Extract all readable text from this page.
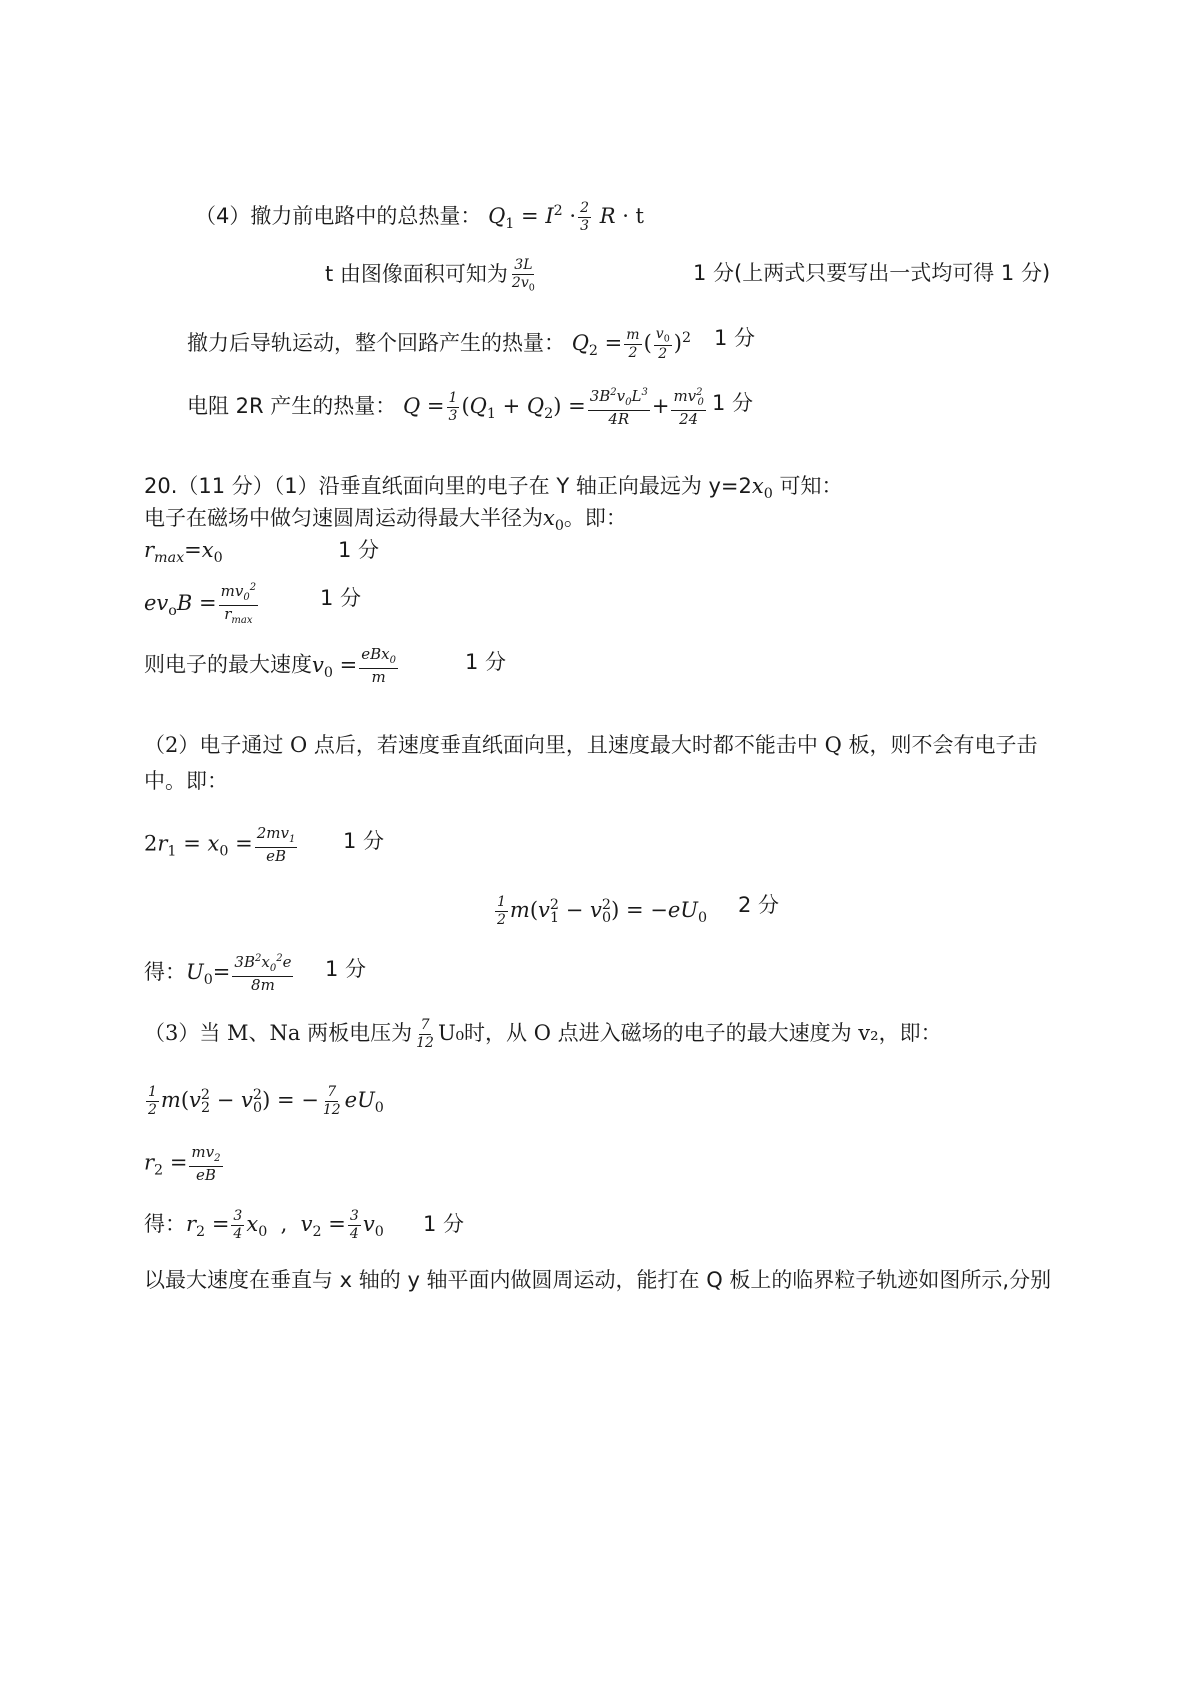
（4）撤力前电路中的总热量： $Q_1 = I^2 \cdot \frac{2}{3}$ R · t
t 由图像面积可知为 $\frac{3L}{2v_0}$	1 分(上两式只要写出一式均可得 1 分)
撤力后导轨运动，整个回路产生的热量： $Q_2 = \frac{m}{2}$ ( $\frac{v_0}{2} )^2$ 1 分
电阻 2R 产生的热量： $Q = \frac{1}{3} (Q_1 + Q_2) = \frac{3B^2v_0L^3}{4R} + \frac{mv^2_0}{24} 1$ 分
20.（11 分）（1）沿垂直纸面向里的电子在 Y 轴正向最远为 $y=2x_0$ 可知：
电子在磁场中做匀速圆周运动得最大半径为$x_0$。即：
$r_{max}=x_0$	1 分
$ev_oB = \frac{mv_0^2}{r_{max}}$	1 分
则电子的最大速度$v_0 = \frac{eBx_0}{m}$	1 分
（2）电子通过 O 点后，若速度垂直纸面向里，且速度最大时都不能击中 Q 板，则不会有电子击
中。即：
$2r_1 = x_0 = \frac{2mv_1}{eB} 1$ 分
$\frac{1}{2} m(v^2_1 - v^2_0) = -eU_0$
2 分
得：$U_0= \frac{3B^2x_0^2e}{8m} 1$ 分
（3）当 M、Na 两板电压为 $\frac{7}{12} U_0$时，从 O 点进入磁场的电子的最大速度为 v₂，即：
$\frac{1}{2} m(v^2_2 - v^2_0)$ = − $\frac{7}{12} eU_0$
$r_2 = \frac{mv_2}{eB}$
得：$r_2 = \frac{3}{4} x_0$  ,  $v_2 = \frac{3}{4} v_0$ 1 分
以最大速度在垂直与 x 轴的 y 轴平面内做圆周运动，能打在 Q 板上的临界粒子轨迹如图所示,分别
